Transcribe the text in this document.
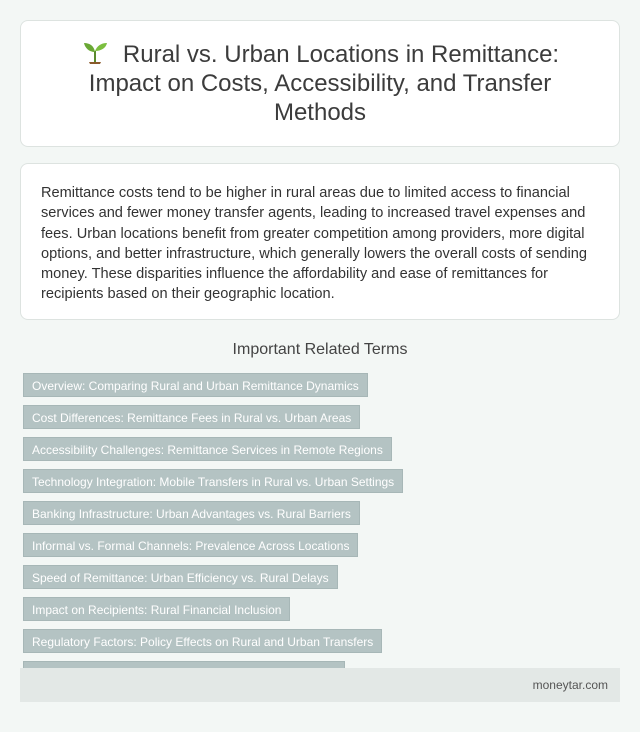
Rural vs. Urban Locations in Remittance: Impact on Costs, Accessibility, and Transfer Methods

Remittance costs tend to be higher in rural areas due to limited access to financial services and fewer money transfer agents, leading to increased travel expenses and fees. Urban locations benefit from greater competition among providers, more digital options, and better infrastructure, which generally lowers the overall costs of sending money. These disparities influence the affordability and ease of remittances for recipients based on their geographic location.

Important Related Terms
Overview: Comparing Rural and Urban Remittance Dynamics
Cost Differences: Remittance Fees in Rural vs. Urban Areas
Accessibility Challenges: Remittance Services in Remote Regions
Technology Integration: Mobile Transfers in Rural vs. Urban Settings
Banking Infrastructure: Urban Advantages vs. Rural Barriers
Informal vs. Formal Channels: Prevalence Across Locations
Speed of Remittance: Urban Efficiency vs. Rural Delays
Impact on Recipients: Rural Financial Inclusion
Regulatory Factors: Policy Effects on Rural and Urban Transfers
moneytar.com
